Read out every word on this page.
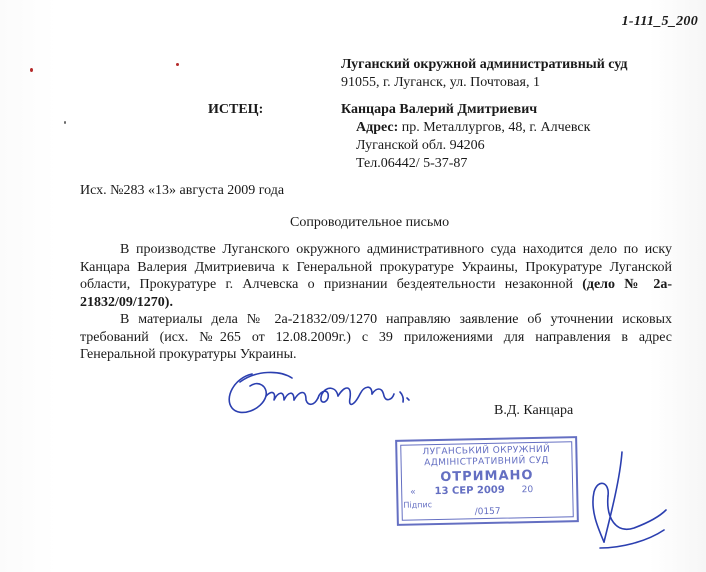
1-111_5_200
Луганский окружной административный суд
91055, г. Луганск, ул. Почтовая, 1
ИСТЕЦ:	Канцара Валерий Дмитриевич
Адрес: пр. Металлургов, 48, г. Алчевск
Луганской обл. 94206
Тел.06442/ 5-37-87
Исх. №283 «13» августа 2009 года
Сопроводительное письмо
В производстве Луганского окружного административного суда находится дело по иску
Канцара Валерия Дмитриевича к Генеральной прокуратуре Украины, Прокуратуре Луганской
области, Прокуратуре г. Алчевска о признании бездеятельности незаконной (дело № 2а-
21832/09/1270).
В материалы дела № 2а-21832/09/1270 направляю заявление об уточнении исковых
требований (исх. №265 от 12.08.2009г.) с 39 приложениями для направления в адрес
Генеральной прокуратуры Украины.
В.Д. Канцара
ЛУГАНСЬКИЙ ОКРУЖНИЙ
АДМІНІСТРАТИВНИЙ СУД
ОТРИМАНО
« 13 СЕР 2009 20
Підпис
/0157
